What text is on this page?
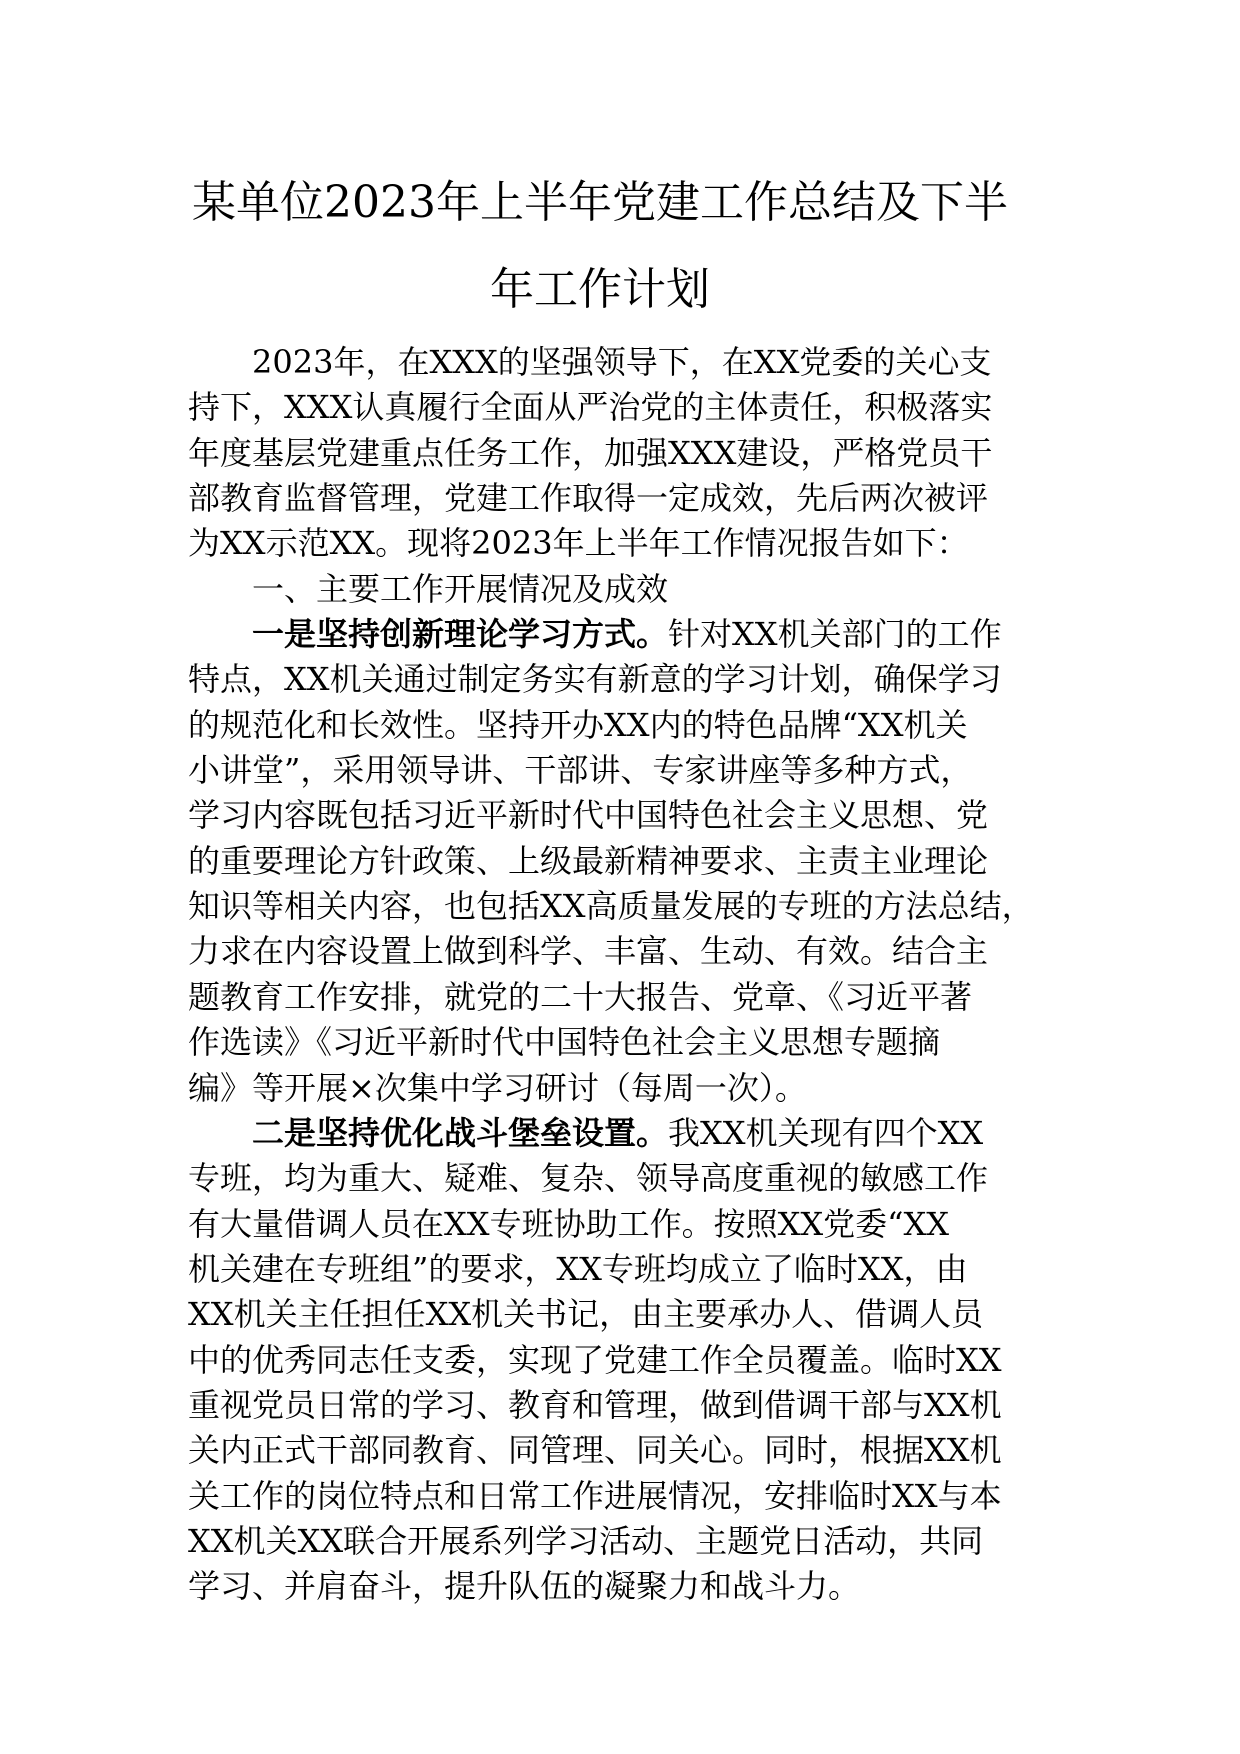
某单位2023年上半年党建工作总结及下半
年工作计划
2023年，在XXX的坚强领导下，在XX党委的关心支
持下，XXX认真履行全面从严治党的主体责任，积极落实
年度基层党建重点任务工作，加强XXX建设，严格党员干
部教育监督管理，党建工作取得一定成效，先后两次被评
为XX示范XX。现将2023年上半年工作情况报告如下：
一、主要工作开展情况及成效
一是坚持创新理论学习方式。针对XX机关部门的工作
特点，XX机关通过制定务实有新意的学习计划，确保学习
的规范化和长效性。坚持开办XX内的特色品牌“XX机关
小讲堂”，采用领导讲、干部讲、专家讲座等多种方式，
学习内容既包括习近平新时代中国特色社会主义思想、党
的重要理论方针政策、上级最新精神要求、主责主业理论
知识等相关内容，也包括XX高质量发展的专班的方法总结，
力求在内容设置上做到科学、丰富、生动、有效。结合主
题教育工作安排，就党的二十大报告、党章、《习近平著
作选读》《习近平新时代中国特色社会主义思想专题摘
编》等开展×次集中学习研讨（每周一次）。
二是坚持优化战斗堡垒设置。我XX机关现有四个XX
专班，均为重大、疑难、复杂、领导高度重视的敏感工作
有大量借调人员在XX专班协助工作。按照XX党委“XX
机关建在专班组”的要求，XX专班均成立了临时XX，由
XX机关主任担任XX机关书记，由主要承办人、借调人员
中的优秀同志任支委，实现了党建工作全员覆盖。临时XX
重视党员日常的学习、教育和管理，做到借调干部与XX机
关内正式干部同教育、同管理、同关心。同时，根据XX机
关工作的岗位特点和日常工作进展情况，安排临时XX与本
XX机关XX联合开展系列学习活动、主题党日活动，共同
学习、并肩奋斗，提升队伍的凝聚力和战斗力。
